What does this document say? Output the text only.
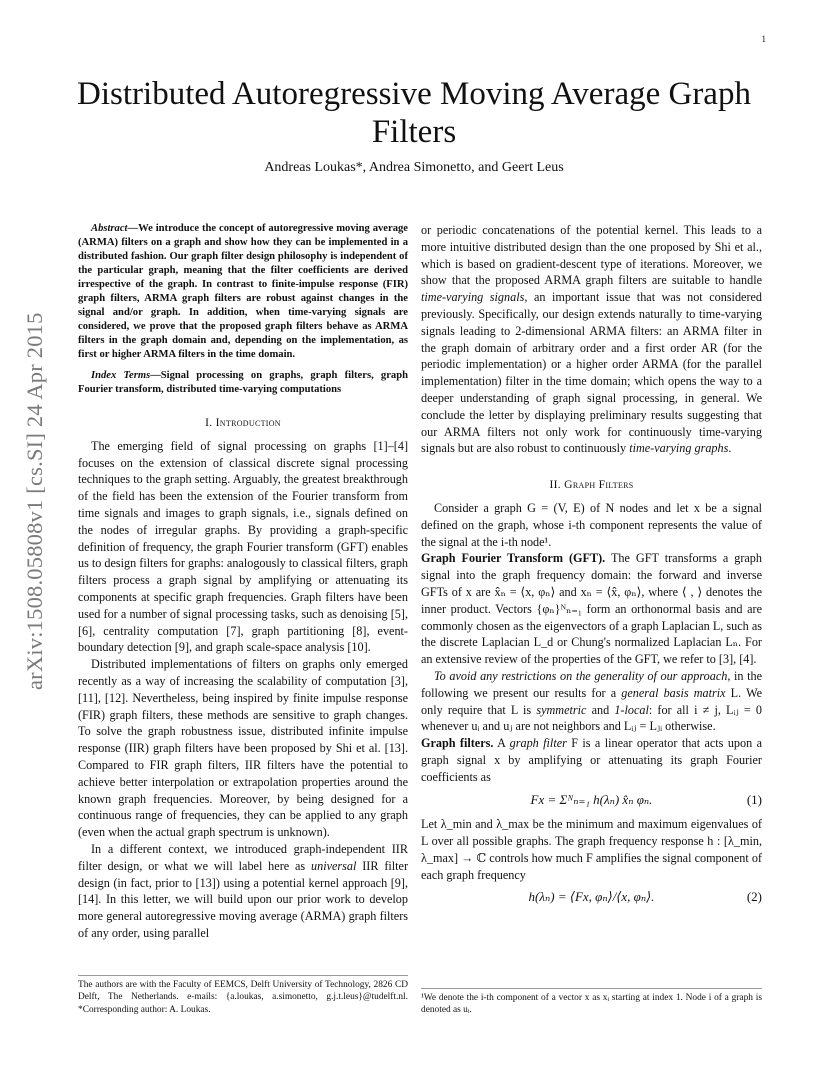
1
arXiv:1508.05808v1 [cs.SI] 24 Apr 2015
Distributed Autoregressive Moving Average Graph Filters
Andreas Loukas*, Andrea Simonetto, and Geert Leus

Abstract—We introduce the concept of autoregressive moving average (ARMA) filters on a graph and show how they can be implemented in a distributed fashion. Our graph filter design philosophy is independent of the particular graph, meaning that the filter coefficients are derived irrespective of the graph. In contrast to finite-impulse response (FIR) graph filters, ARMA graph filters are robust against changes in the signal and/or graph. In addition, when time-varying signals are considered, we prove that the proposed graph filters behave as ARMA filters in the graph domain and, depending on the implementation, as first or higher ARMA filters in the time domain.

Index Terms—Signal processing on graphs, graph filters, graph Fourier transform, distributed time-varying computations

I. Introduction

The emerging field of signal processing on graphs [1]–[4] focuses on the extension of classical discrete signal processing techniques to the graph setting. Arguably, the greatest breakthrough of the field has been the extension of the Fourier transform from time signals and images to graph signals, i.e., signals defined on the nodes of irregular graphs. By providing a graph-specific definition of frequency, the graph Fourier transform (GFT) enables us to design filters for graphs: analogously to classical filters, graph filters process a graph signal by amplifying or attenuating its components at specific graph frequencies. Graph filters have been used for a number of signal processing tasks, such as denoising [5], [6], centrality computation [7], graph partitioning [8], event-boundary detection [9], and graph scale-space analysis [10].

Distributed implementations of filters on graphs only emerged recently as a way of increasing the scalability of computation [3], [11], [12]. Nevertheless, being inspired by finite impulse response (FIR) graph filters, these methods are sensitive to graph changes. To solve the graph robustness issue, distributed infinite impulse response (IIR) graph filters have been proposed by Shi et al. [13]. Compared to FIR graph filters, IIR filters have the potential to achieve better interpolation or extrapolation properties around the known graph frequencies. Moreover, by being designed for a continuous range of frequencies, they can be applied to any graph (even when the actual graph spectrum is unknown).

In a different context, we introduced graph-independent IIR filter design, or what we will label here as universal IIR filter design (in fact, prior to [13]) using a potential kernel approach [9], [14]. In this letter, we will build upon our prior work to develop more general autoregressive moving average (ARMA) graph filters of any order, using parallel

The authors are with the Faculty of EEMCS, Delft University of Technology, 2826 CD Delft, The Netherlands. e-mails: {a.loukas, a.simonetto, g.j.t.leus}@tudelft.nl. *Corresponding author: A. Loukas.

or periodic concatenations of the potential kernel. This leads to a more intuitive distributed design than the one proposed by Shi et al., which is based on gradient-descent type of iterations. Moreover, we show that the proposed ARMA graph filters are suitable to handle time-varying signals, an important issue that was not considered previously. Specifically, our design extends naturally to time-varying signals leading to 2-dimensional ARMA filters: an ARMA filter in the graph domain of arbitrary order and a first order AR (for the periodic implementation) or a higher order ARMA (for the parallel implementation) filter in the time domain; which opens the way to a deeper understanding of graph signal processing, in general. We conclude the letter by displaying preliminary results suggesting that our ARMA filters not only work for continuously time-varying signals but are also robust to continuously time-varying graphs.

II. Graph Filters

Consider a graph G = (V, E) of N nodes and let x be a signal defined on the graph, whose i-th component represents the value of the signal at the i-th node¹.

Graph Fourier Transform (GFT). The GFT transforms a graph signal into the graph frequency domain: the forward and inverse GFTs of x are x̂ₙ = ⟨x, φₙ⟩ and xₙ = ⟨x̂, φₙ⟩, where ⟨ , ⟩ denotes the inner product. Vectors {φₙ}ᴺₙ₌₁ form an orthonormal basis and are commonly chosen as the eigenvectors of a graph Laplacian L, such as the discrete Laplacian L_d or Chung's normalized Laplacian Lₙ. For an extensive review of the properties of the GFT, we refer to [3], [4].

To avoid any restrictions on the generality of our approach, in the following we present our results for a general basis matrix L. We only require that L is symmetric and 1-local: for all i ≠ j, Lᵢⱼ = 0 whenever uᵢ and uⱼ are not neighbors and Lᵢⱼ = Lⱼᵢ otherwise.

Graph filters. A graph filter F is a linear operator that acts upon a graph signal x by amplifying or attenuating its graph Fourier coefficients as

Fx = Σᴺₙ₌₁ h(λₙ) x̂ₙ φₙ.	(1)

Let λ_min and λ_max be the minimum and maximum eigenvalues of L over all possible graphs. The graph frequency response h : [λ_min, λ_max] → ℂ controls how much F amplifies the signal component of each graph frequency

h(λₙ) = ⟨Fx, φₙ⟩/⟨x, φₙ⟩.	(2)
¹We denote the i-th component of a vector x as xᵢ starting at index 1. Node i of a graph is denoted as uᵢ.
